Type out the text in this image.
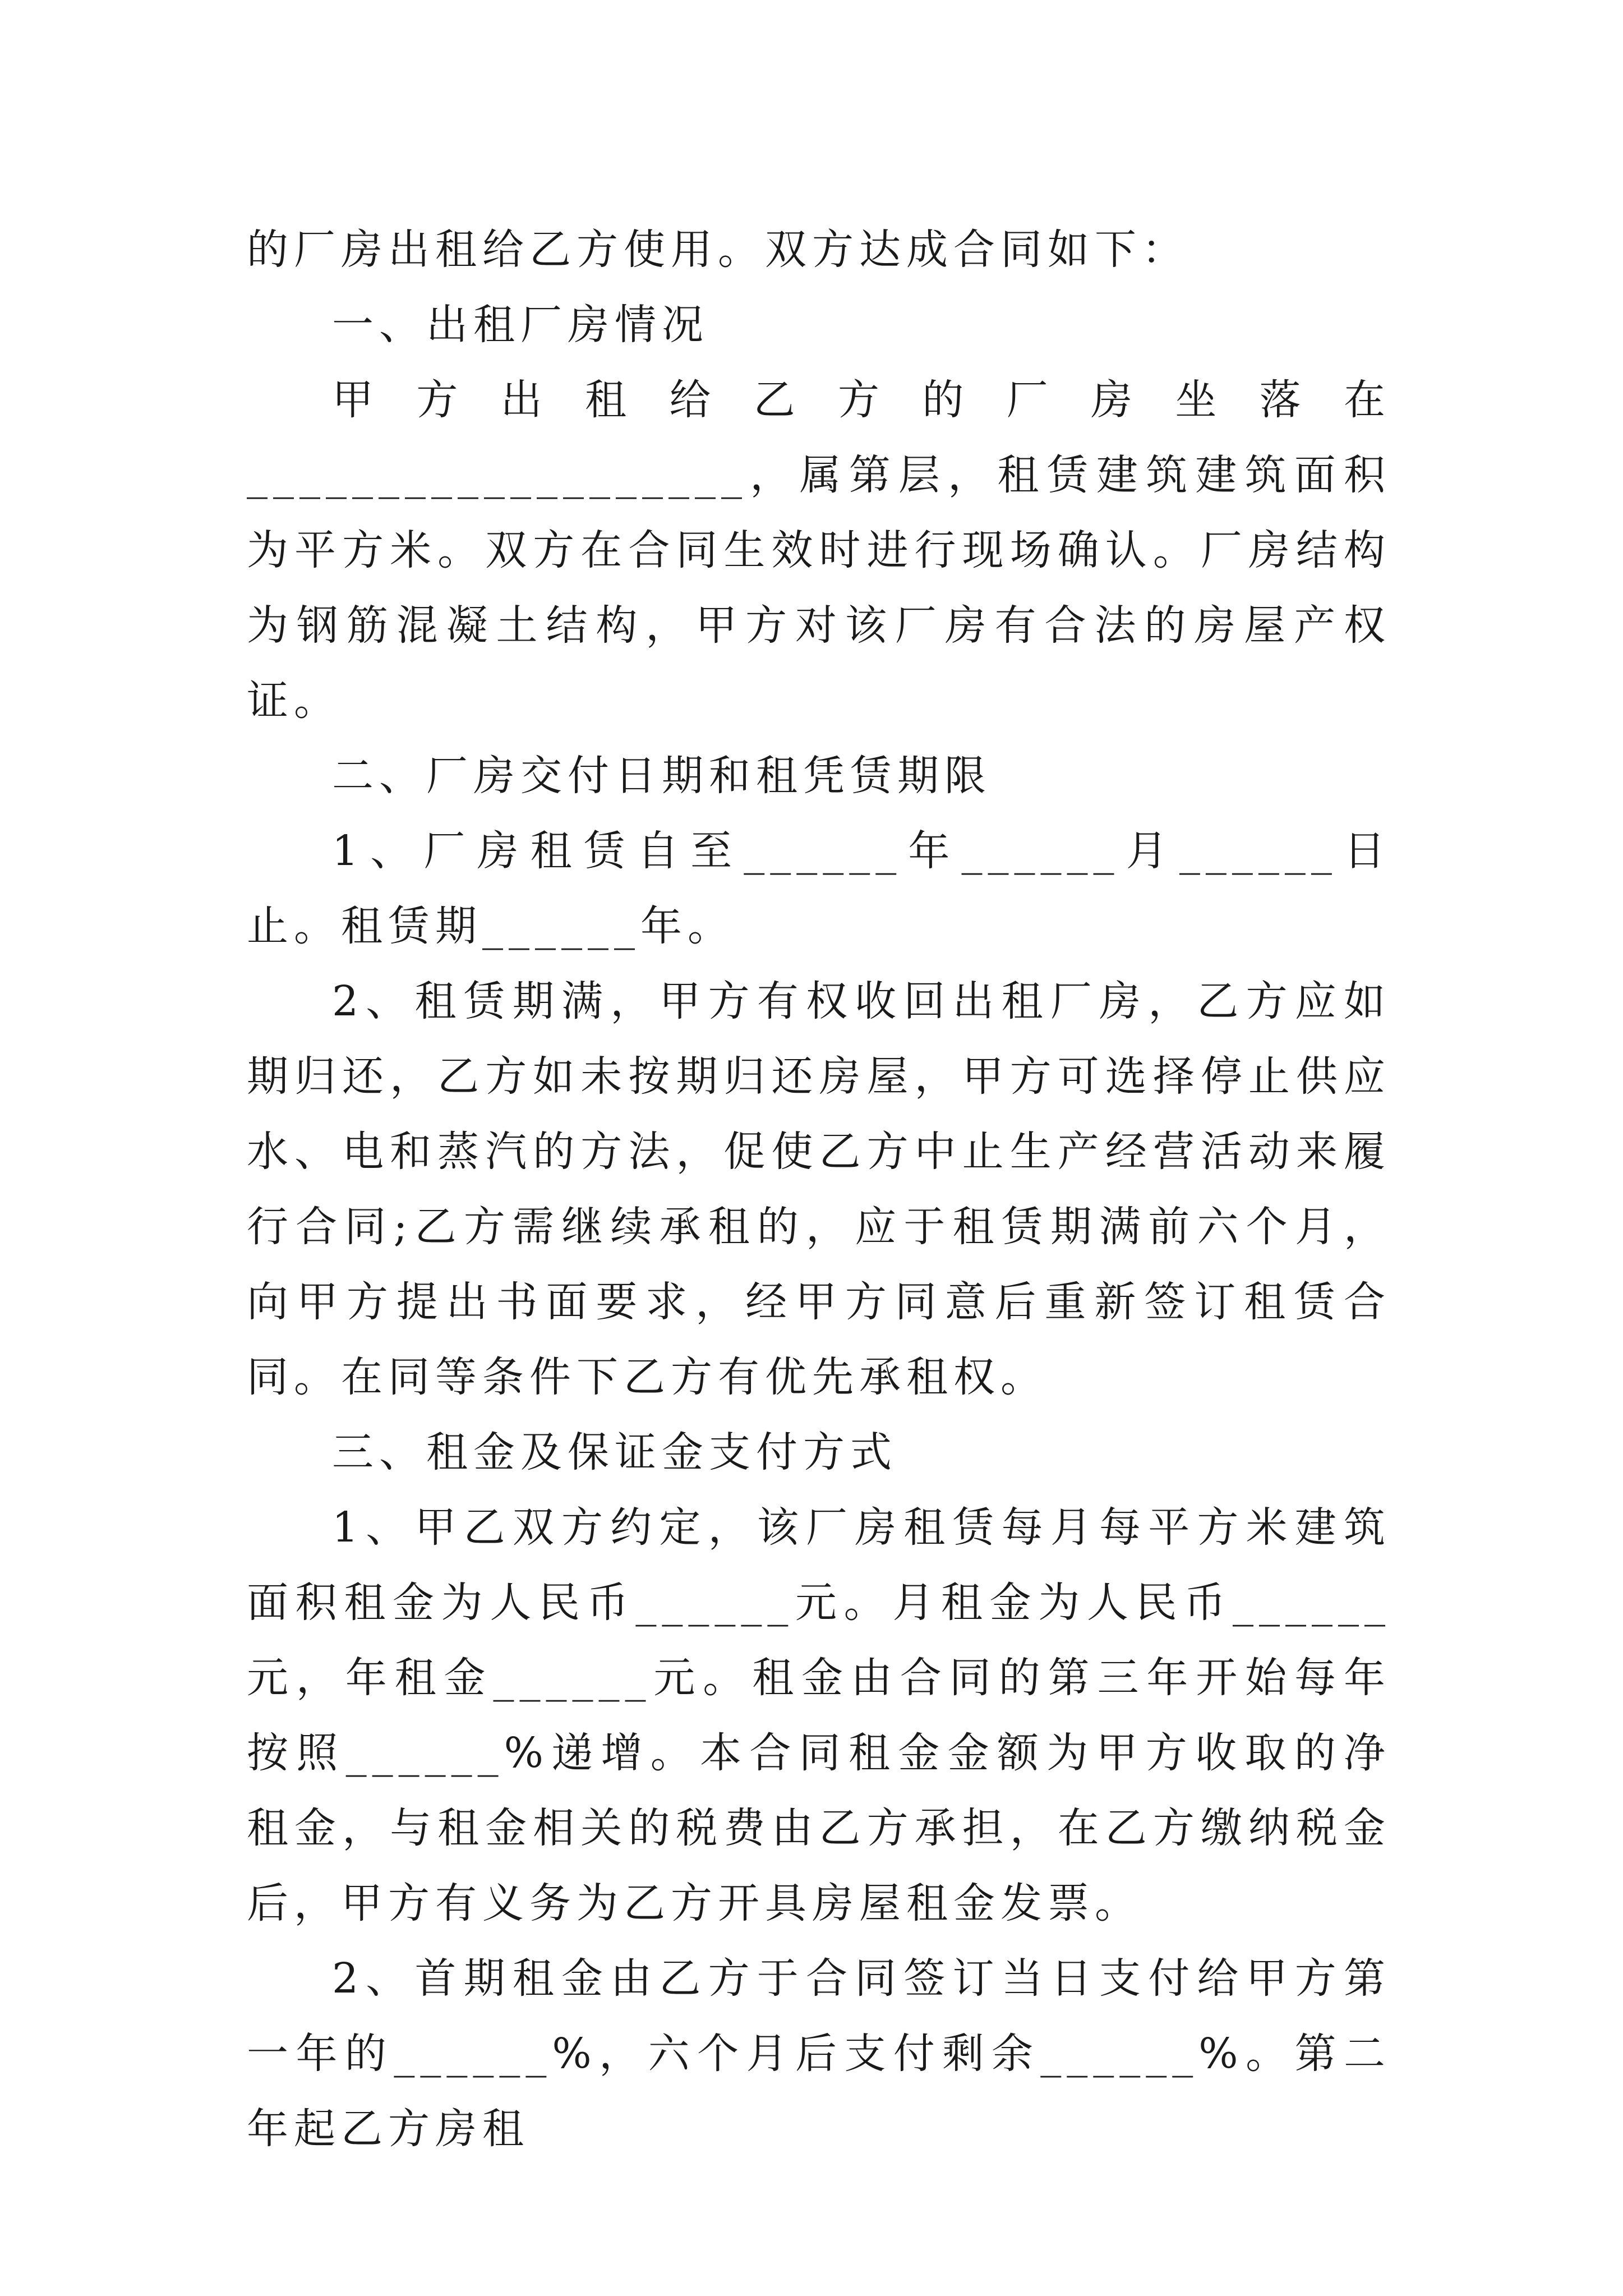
的厂房出租给乙方使用。双方达成合同如下：

一、出租厂房情况

甲方出租给乙方的厂房坐落在___________________，属第层，租赁建筑建筑面积为平方米。双方在合同生效时进行现场确认。厂房结构为钢筋混凝土结构，甲方对该厂房有合法的房屋产权证。

二、厂房交付日期和租凭赁期限

1、厂房租赁自至______年______月______日止。租赁期______年。

2、租赁期满，甲方有权收回出租厂房，乙方应如期归还，乙方如未按期归还房屋，甲方可选择停止供应水、电和蒸汽的方法，促使乙方中止生产经营活动来履行合同;乙方需继续承租的，应于租赁期满前六个月，向甲方提出书面要求，经甲方同意后重新签订租赁合同。在同等条件下乙方有优先承租权。

三、租金及保证金支付方式

1、甲乙双方约定，该厂房租赁每月每平方米建筑面积租金为人民币______元。月租金为人民币______元，年租金______元。租金由合同的第三年开始每年按照______%递增。本合同租金金额为甲方收取的净租金，与租金相关的税费由乙方承担，在乙方缴纳税金后，甲方有义务为乙方开具房屋租金发票。

2、首期租金由乙方于合同签订当日支付给甲方第一年的______%，六个月后支付剩余______%。第二年起乙方房租
